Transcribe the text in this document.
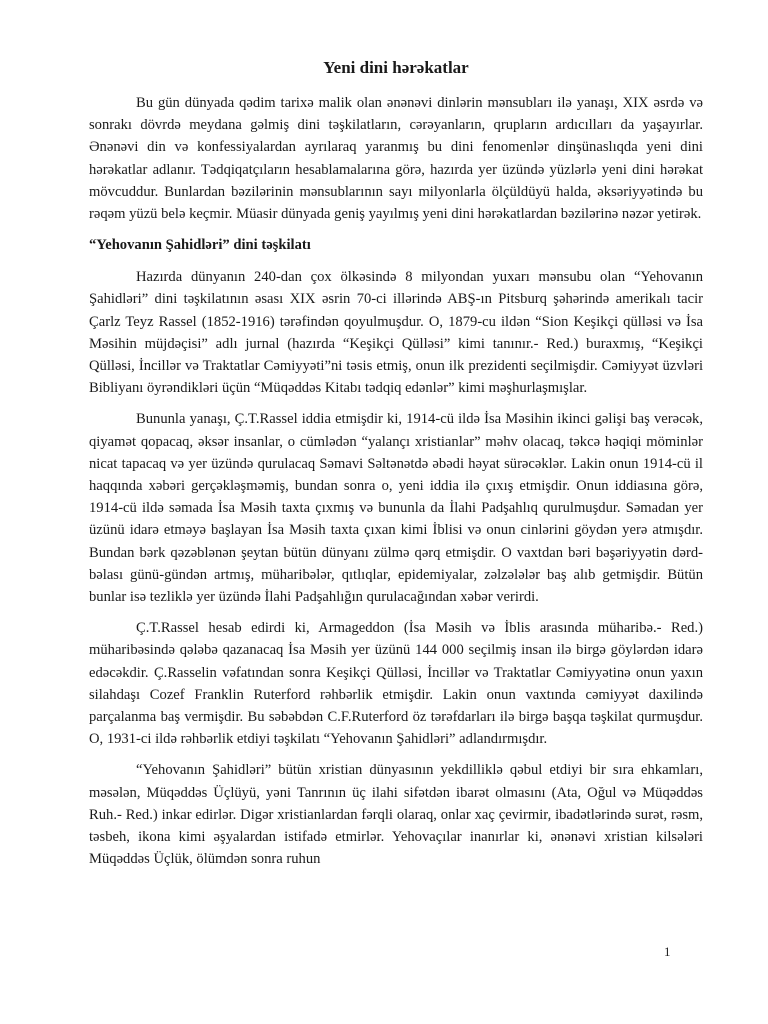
Yeni dini hərəkatlar

Bu gün dünyada qədim tarixə malik olan ənənəvi dinlərin mənsubları ilə yanaşı, XIX əsrdə və sonrakı dövrdə meydana gəlmiş dini təşkilatların, cərəyanların, qrupların ardıcılları da yaşayırlar. Ənənəvi din və konfessiyalardan ayrılaraq yaranmış bu dini fenomenlər dinşünaslıqda yeni dini hərəkatlar adlanır. Tədqiqatçıların hesablamalarına görə, hazırda yer üzündə yüzlərlə yeni dini hərəkat mövcuddur. Bunlardan bəzilərinin mənsublarının sayı milyonlarla ölçüldüyü halda, əksəriyyətində bu rəqəm yüzü belə keçmir. Müasir dünyada geniş yayılmış yeni dini hərəkatlardan bəzilərinə nəzər yetirək.

“Yehovanın Şahidləri” dini təşkilatı

Hazırda dünyanın 240-dan çox ölkəsində 8 milyondan yuxarı mənsubu olan “Yehovanın Şahidləri” dini təşkilatının əsası XIX əsrin 70-ci illərində ABŞ-ın Pitsburq şəhərində amerikalı tacir Çarlz Teyz Rassel (1852-1916) tərəfindən qoyulmuşdur. O, 1879-cu ildən “Sion Keşikçi qülləsi və İsa Məsihin müjdəçisi” adlı jurnal (hazırda “Keşikçi Qülləsi” kimi tanınır.- Red.) buraxmış, “Keşikçi Qülləsi, İncillər və Traktatlar Cəmiyyəti”ni təsis etmiş, onun ilk prezidenti seçilmişdir. Cəmiyyət üzvləri Bibliyanı öyrəndikləri üçün “Müqəddəs Kitabı tədqiq edənlər” kimi məşhurlaşmışlar.

Bununla yanaşı, Ç.T.Rassel iddia etmişdir ki, 1914-cü ildə İsa Məsihin ikinci gəlişi baş verəcək, qiyamət qopacaq, əksər insanlar, o cümlədən “yalançı xristianlar” məhv olacaq, təkcə həqiqi möminlər nicat tapacaq və yer üzündə qurulacaq Səmavi Səltənətdə əbədi həyat sürəcəklər. Lakin onun 1914-cü il haqqında xəbəri gerçəkləşməmiş, bundan sonra o, yeni iddia ilə çıxış etmişdir. Onun iddiasına görə, 1914-cü ildə səmada İsa Məsih taxta çıxmış və bununla da İlahi Padşahlıq qurulmuşdur. Səmadan yer üzünü idarə etməyə başlayan İsa Məsih taxta çıxan kimi İblisi və onun cinlərini göydən yerə atmışdır. Bundan bərk qəzəblənən şeytan bütün dünyanı zülmə qərq etmişdir. O vaxtdan bəri bəşəriyyətin dərd-bəlası günü-gündən artmış, müharibələr, qıtlıqlar, epidemiyalar, zəlzələlər baş alıb getmişdir. Bütün bunlar isə tezliklə yer üzündə İlahi Padşahlığın qurulacağından xəbər verirdi.

Ç.T.Rassel hesab edirdi ki, Armageddon (İsa Məsih və İblis arasında müharibə.- Red.) müharibəsində qələbə qazanacaq İsa Məsih yer üzünü 144 000 seçilmiş insan ilə birgə göylərdən idarə edəcəkdir. Ç.Rasselin vəfatından sonra Keşikçi Qülləsi, İncillər və Traktatlar Cəmiyyətinə onun yaxın silahdaşı Cozef Franklin Ruterford rəhbərlik etmişdir. Lakin onun vaxtında cəmiyyət daxilində parçalanma baş vermişdir. Bu səbəbdən C.F.Ruterford öz tərəfdarları ilə birgə başqa təşkilat qurmuşdur. O, 1931-ci ildə rəhbərlik etdiyi təşkilatı “Yehovanın Şahidləri” adlandırmışdır.

“Yehovanın Şahidləri” bütün xristian dünyasının yekdilliklə qəbul etdiyi bir sıra ehkamları, məsələn, Müqəddəs Üçlüyü, yəni Tanrının üç ilahi sifətdən ibarət olmasını (Ata, Oğul və Müqəddəs Ruh.- Red.) inkar edirlər. Digər xristianlardan fərqli olaraq, onlar xaç çevirmir, ibadətlərində surət, rəsm, təsbeh, ikona kimi əşyalardan istifadə etmirlər. Yehovaçılar inanırlar ki, ənənəvi xristian kilsələri Müqəddəs Üçlük, ölümdən sonra ruhun

1
